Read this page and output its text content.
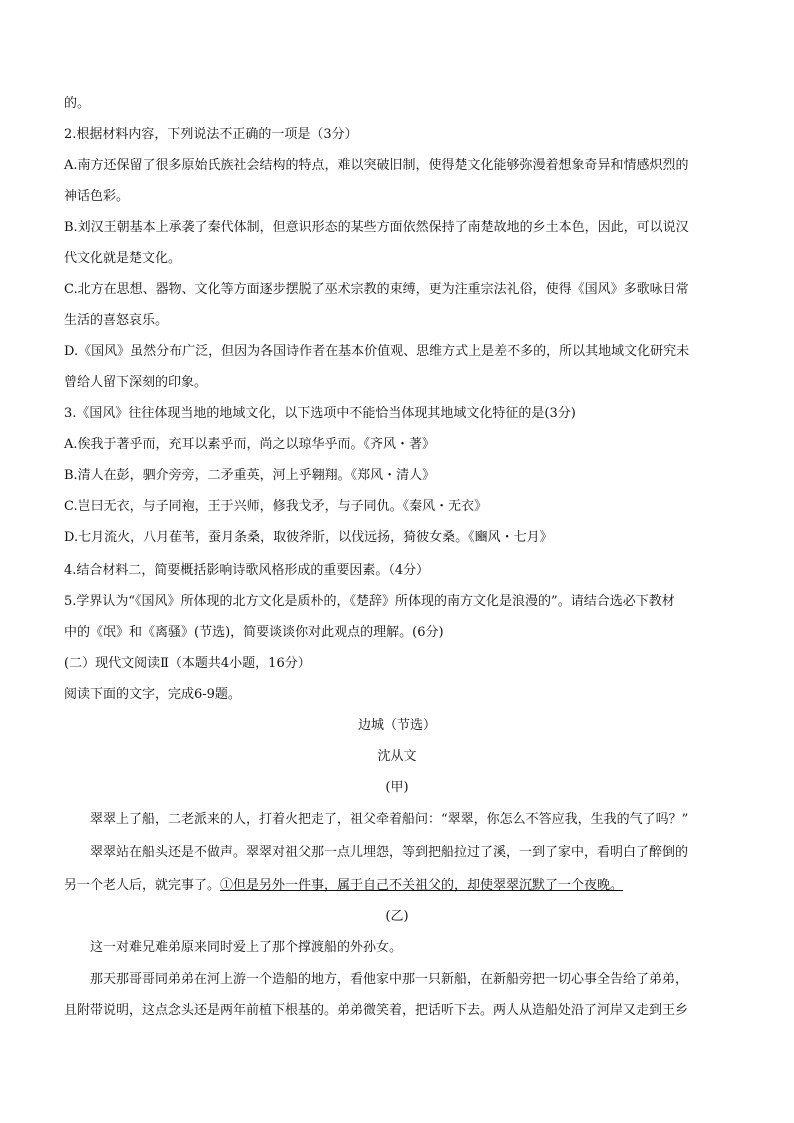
的。
2.根据材料内容，下列说法不正确的一项是（3分）
A.南方还保留了很多原始氏族社会结构的特点，难以突破旧制，使得楚文化能够弥漫着想象奇异和情感炽烈的
神话色彩。
B.刘汉王朝基本上承袭了秦代体制，但意识形态的某些方面依然保持了南楚故地的乡土本色，因此，可以说汉
代文化就是楚文化。
C.北方在思想、器物、文化等方面逐步摆脱了巫术宗教的束缚，更为注重宗法礼俗，使得《国风》多歌咏日常
生活的喜怒哀乐。
D.《国风》虽然分布广泛，但因为各国诗作者在基本价值观、思维方式上是差不多的，所以其地域文化研究未
曾给人留下深刻的印象。
3.《国风》往往体现当地的地域文化，以下选项中不能恰当体现其地域文化特征的是(3分)
A.俟我于著乎而，充耳以素乎而，尚之以琼华乎而。《齐风・著》
B.清人在彭，驷介旁旁，二矛重英，河上乎翱翔。《郑风・清人》
C.岂曰无衣，与子同袍，王于兴师，修我戈矛，与子同仇。《秦风・无衣》
D.七月流火，八月萑苇，蚕月条桑，取彼斧斨，以伐远扬，猗彼女桑。《豳风・七月》
4.结合材料二，简要概括影响诗歌风格形成的重要因素。（4分）
5.学界认为“《国风》所体现的北方文化是质朴的，《楚辞》所体现的南方文化是浪漫的”。请结合选必下教材
中的《氓》和《离骚》(节选)，简要谈谈你对此观点的理解。(6分)
(二）现代文阅读Ⅱ（本题共4小题，16分）
阅读下面的文字，完成6-9题。
边城（节选）
沈从文
(甲)
翠翠上了船，二老派来的人，打着火把走了，祖父牵着船问：“翠翠，你怎么不答应我，生我的气了吗？”
翠翠站在船头还是不做声。翠翠对祖父那一点儿埋怨，等到把船拉过了溪，一到了家中，看明白了醉倒的
另一个老人后，就完事了。①但是另外一件事，属于自己不关祖父的，却使翠翠沉默了一个夜晚。
(乙)
这一对难兄难弟原来同时爱上了那个撑渡船的外孙女。
那天那哥哥同弟弟在河上游一个造船的地方，看他家中那一只新船，在新船旁把一切心事全告给了弟弟，
且附带说明，这点念头还是两年前植下根基的。弟弟微笑着，把话听下去。两人从造船处沿了河岸又走到王乡
